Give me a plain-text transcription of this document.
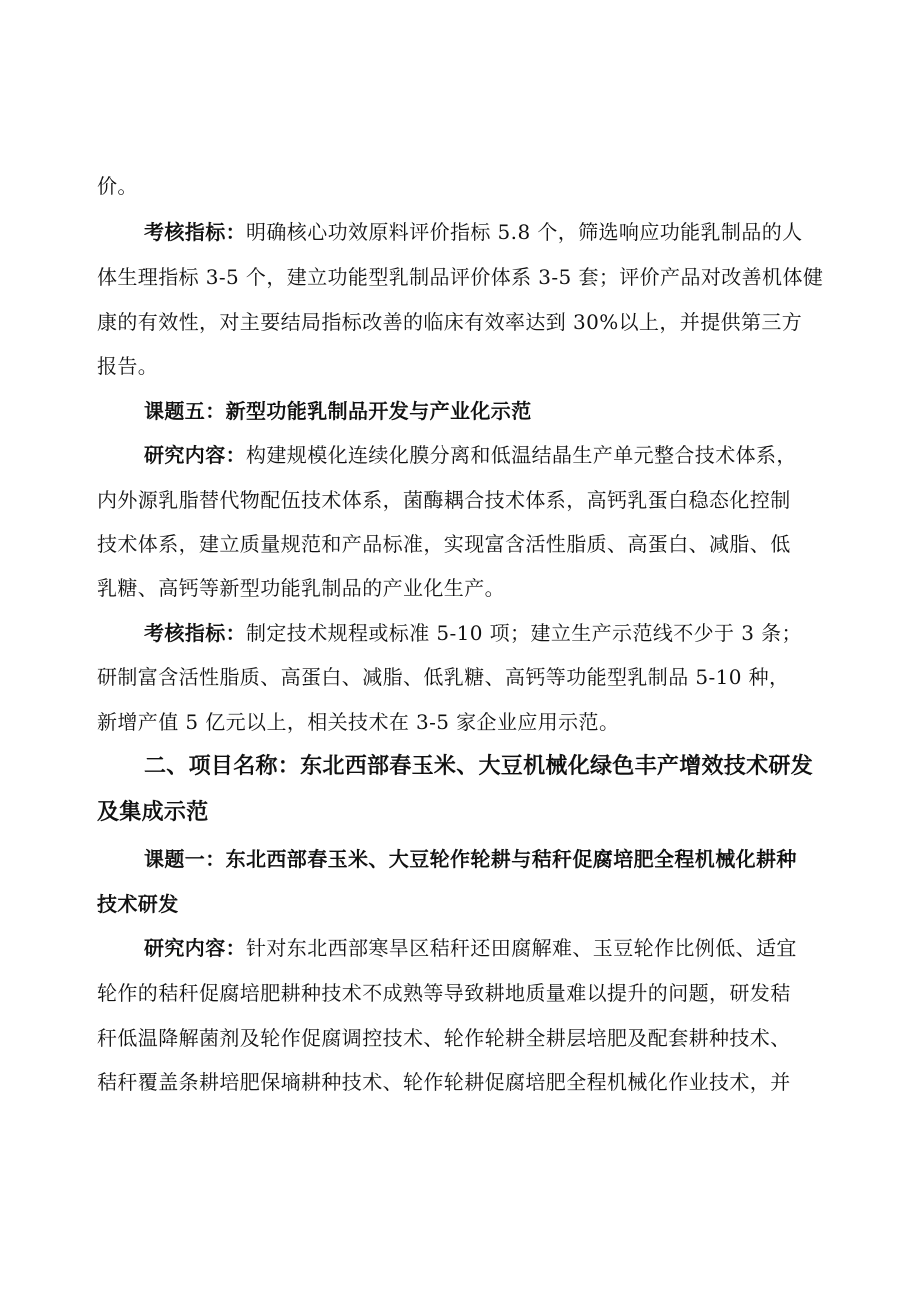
价。
考核指标：明确核心功效原料评价指标 5.8 个，筛选响应功能乳制品的人
体生理指标 3-5 个，建立功能型乳制品评价体系 3-5 套；评价产品对改善机体健
康的有效性，对主要结局指标改善的临床有效率达到 30%以上，并提供第三方
报告。
课题五：新型功能乳制品开发与产业化示范
研究内容：构建规模化连续化膜分离和低温结晶生产单元整合技术体系，
内外源乳脂替代物配伍技术体系，菌酶耦合技术体系，高钙乳蛋白稳态化控制
技术体系，建立质量规范和产品标准，实现富含活性脂质、高蛋白、减脂、低
乳糖、高钙等新型功能乳制品的产业化生产。
考核指标：制定技术规程或标准 5-10 项；建立生产示范线不少于 3 条；
研制富含活性脂质、高蛋白、减脂、低乳糖、高钙等功能型乳制品 5-10 种，
新增产值 5 亿元以上，相关技术在 3-5 家企业应用示范。
二、项目名称：东北西部春玉米、大豆机械化绿色丰产增效技术研发
及集成示范
课题一：东北西部春玉米、大豆轮作轮耕与秸秆促腐培肥全程机械化耕种
技术研发
研究内容：针对东北西部寒旱区秸秆还田腐解难、玉豆轮作比例低、适宜
轮作的秸秆促腐培肥耕种技术不成熟等导致耕地质量难以提升的问题，研发秸
秆低温降解菌剂及轮作促腐调控技术、轮作轮耕全耕层培肥及配套耕种技术、
秸秆覆盖条耕培肥保墒耕种技术、轮作轮耕促腐培肥全程机械化作业技术，并
